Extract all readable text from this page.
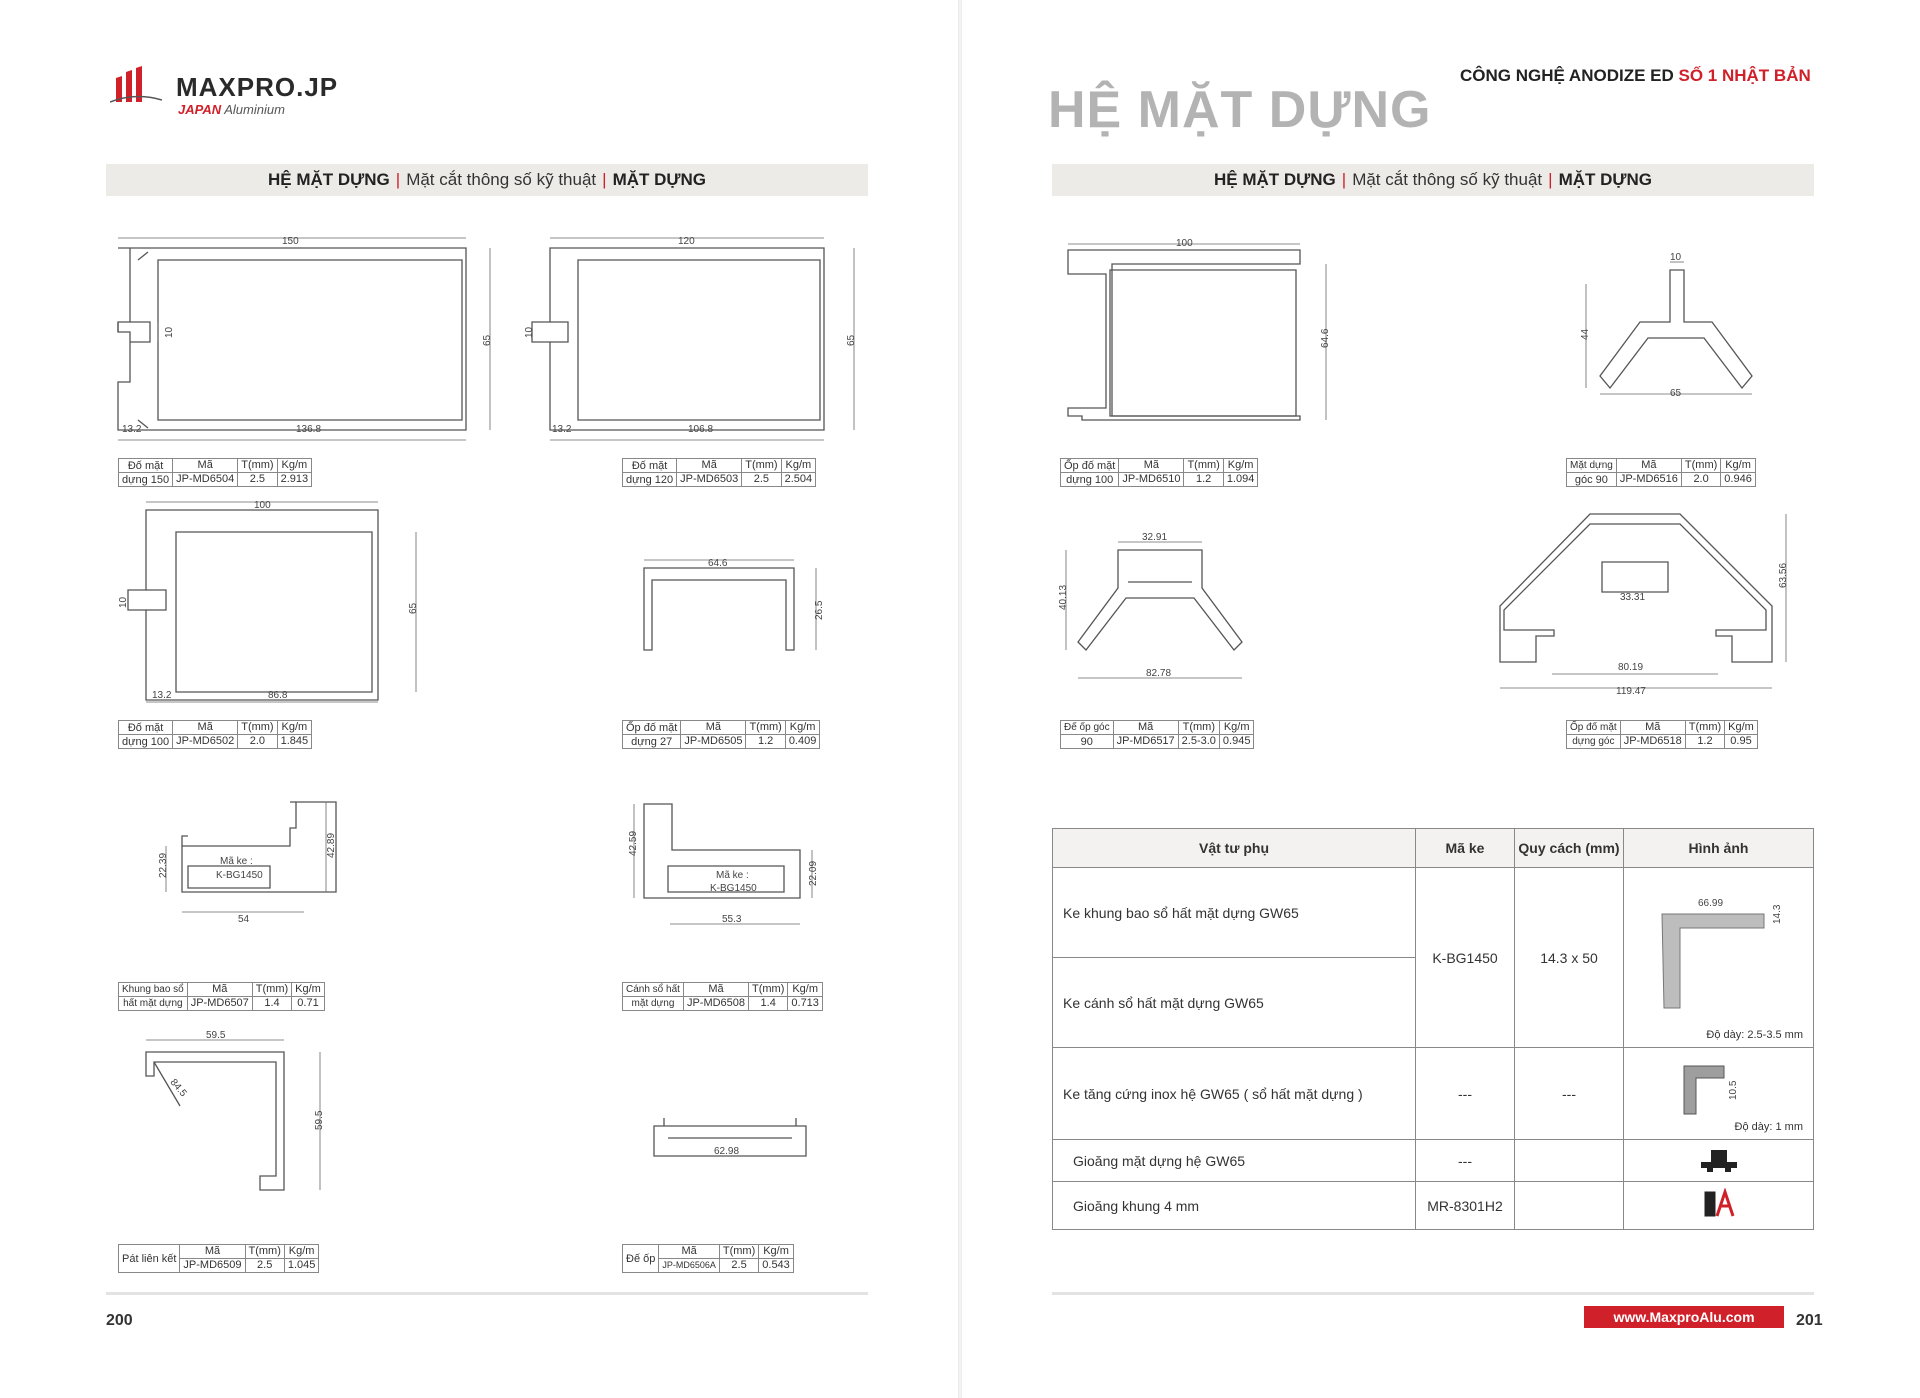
MAXPRO.JP
JAPAN Aluminium
HỆ MẶT DỰNG | Mặt cắt thông số kỹ thuật | MẶT DỰNG
150
136.8
13.2
65
10
Đố mặt	Mã	T(mm)	Kg/m
dựng 150	JP-MD6504	2.5	2.913
120
106.8
13.2
65
10
Đố mặt	Mã	T(mm)	Kg/m
dựng 120	JP-MD6503	2.5	2.504
100
86.8
13.2
65
10
Đố mặt	Mã	T(mm)	Kg/m
dựng 100	JP-MD6502	2.0	1.845
64.6
26.5
Ốp đố mặt	Mã	T(mm)	Kg/m
dựng 27	JP-MD6505	1.2	0.409
Mã ke :
K-BG1450
54
22.39
42.89
Khung bao sổ	Mã	T(mm)	Kg/m
hất mặt dựng	JP-MD6507	1.4	0.71
Mã ke :
K-BG1450
55.3
42.59
22.09
Cánh sổ hất	Mã	T(mm)	Kg/m
mặt dựng	JP-MD6508	1.4	0.713
59.5
59.5
84.5
Pát liên kết	Mã	T(mm)	Kg/m
	JP-MD6509	2.5	1.045
62.98
Đế ốp	Mã	T(mm)	Kg/m
	JP-MD6506A	2.5	0.543
200
CÔNG NGHỆ ANODIZE ED SỐ 1 NHẬT BẢN
HỆ MẶT DỰNG
HỆ MẶT DỰNG | Mặt cắt thông số kỹ thuật | MẶT DỰNG
100
64.6
Ốp đố mặt	Mã	T(mm)	Kg/m
dựng 100	JP-MD6510	1.2	1.094
10
65
44
Mặt dựng	Mã	T(mm)	Kg/m
góc 90	JP-MD6516	2.0	0.946
32.91
82.78
40.13
Đế ốp góc	Mã	T(mm)	Kg/m
90	JP-MD6517	2.5-3.0	0.945
33.31
80.19
119.47
63.56
Ốp đố mặt	Mã	T(mm)	Kg/m
dựng góc	JP-MD6518	1.2	0.95
Vật tư phụ	Mã ke	Quy cách (mm)	Hình ảnh
Ke khung bao sổ hất mặt dựng GW65	K-BG1450	14.3 x 50	66.99
14.3
Độ dày: 2.5-3.5 mm

Ke cánh sổ hất mặt dựng GW65			
Ke tăng cứng inox hệ GW65 ( sổ hất mặt dựng )	---	---	10.5
Độ dày: 1 mm

Gioăng mặt dựng hệ GW65	---		
Gioăng khung 4 mm	MR-8301H2		
www.MaxproAlu.com	201
